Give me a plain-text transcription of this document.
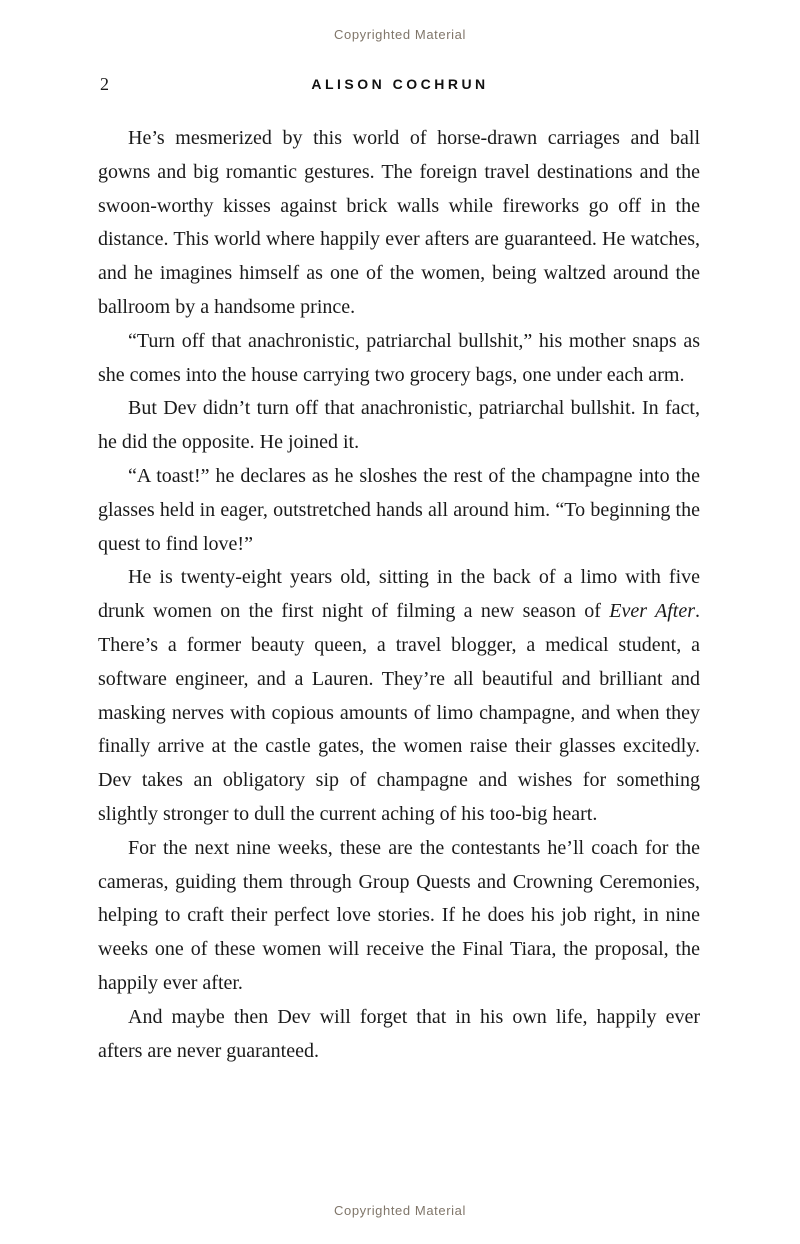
Copyrighted Material
2	ALISON COCHRUN

He’s mesmerized by this world of horse-drawn carriages and ball gowns and big romantic gestures. The foreign travel destinations and the swoon-worthy kisses against brick walls while fireworks go off in the distance. This world where happily ever afters are guaranteed. He watches, and he imagines himself as one of the women, being waltzed around the ballroom by a handsome prince.

“Turn off that anachronistic, patriarchal bullshit,” his mother snaps as she comes into the house carrying two grocery bags, one under each arm.

But Dev didn’t turn off that anachronistic, patriarchal bullshit. In fact, he did the opposite. He joined it.

“A toast!” he declares as he sloshes the rest of the champagne into the glasses held in eager, outstretched hands all around him. “To beginning the quest to find love!”

He is twenty-eight years old, sitting in the back of a limo with five drunk women on the first night of filming a new season of Ever After. There’s a former beauty queen, a travel blogger, a medical student, a software engineer, and a Lauren. They’re all beautiful and brilliant and masking nerves with copious amounts of limo champagne, and when they finally arrive at the castle gates, the women raise their glasses excitedly. Dev takes an obligatory sip of champagne and wishes for something slightly stronger to dull the current aching of his too-big heart.

For the next nine weeks, these are the contestants he’ll coach for the cameras, guiding them through Group Quests and Crowning Ceremonies, helping to craft their perfect love stories. If he does his job right, in nine weeks one of these women will receive the Final Tiara, the proposal, the happily ever after.

And maybe then Dev will forget that in his own life, happily ever afters are never guaranteed.

Copyrighted Material
